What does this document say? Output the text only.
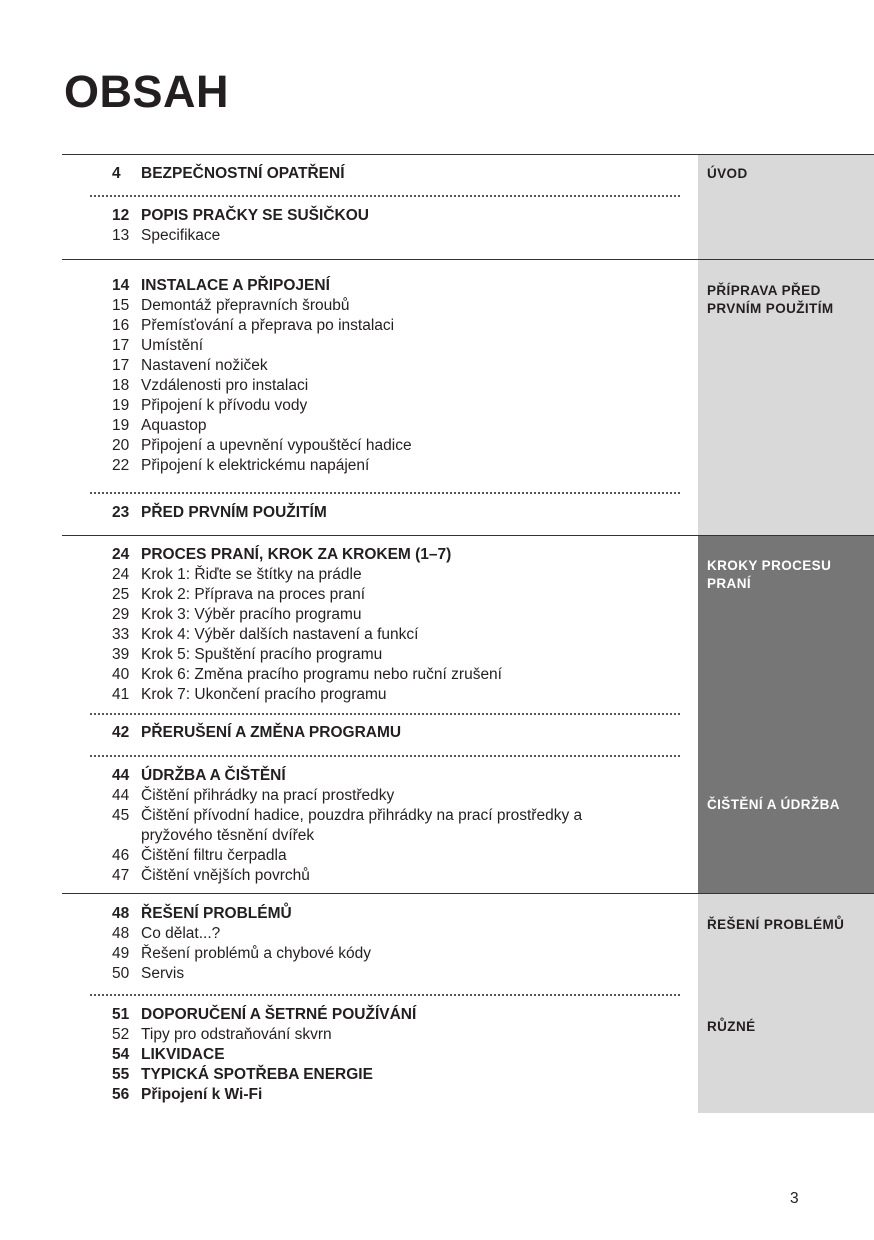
OBSAH
ÚVOD
PŘÍPRAVA PŘED
PRVNÍM POUŽITÍM
KROKY PROCESU
PRANÍ
ČIŠTĚNÍ A ÚDRŽBA
ŘEŠENÍ PROBLÉMŮ
RŮZNÉ
4 BEZPEČNOSTNÍ OPATŘENÍ
12 POPIS PRAČKY SE SUŠIČKOU
13 Specifikace
14 INSTALACE A PŘIPOJENÍ
15 Demontáž přepravních šroubů
16 Přemísťování a přeprava po instalaci
17 Umístění
17 Nastavení nožiček
18 Vzdálenosti pro instalaci
19 Připojení k přívodu vody
19 Aquastop
20 Připojení a upevnění vypouštěcí hadice
22 Připojení k elektrickému napájení
23 PŘED PRVNÍM POUŽITÍM
24 PROCES PRANÍ, KROK ZA KROKEM (1–7)
24 Krok 1: Řiďte se štítky na prádle
25 Krok 2: Příprava na proces praní
29 Krok 3: Výběr pracího programu
33 Krok 4: Výběr dalších nastavení a funkcí
39 Krok 5: Spuštění pracího programu
40 Krok 6: Změna pracího programu nebo ruční zrušení
41 Krok 7: Ukončení pracího programu
42 PŘERUŠENÍ A ZMĚNA PROGRAMU
44 ÚDRŽBA A ČIŠTĚNÍ
44 Čištění přihrádky na prací prostředky
45 Čištění přívodní hadice, pouzdra přihrádky na prací prostředky a
pryžového těsnění dvířek
46 Čištění filtru čerpadla
47 Čištění vnějších povrchů
48 ŘEŠENÍ PROBLÉMŮ
48 Co dělat...?
49 Řešení problémů a chybové kódy
50 Servis
51 DOPORUČENÍ A ŠETRNÉ POUŽÍVÁNÍ
52 Tipy pro odstraňování skvrn
54 LIKVIDACE
55 TYPICKÁ SPOTŘEBA ENERGIE
56 Připojení k Wi-Fi
3
